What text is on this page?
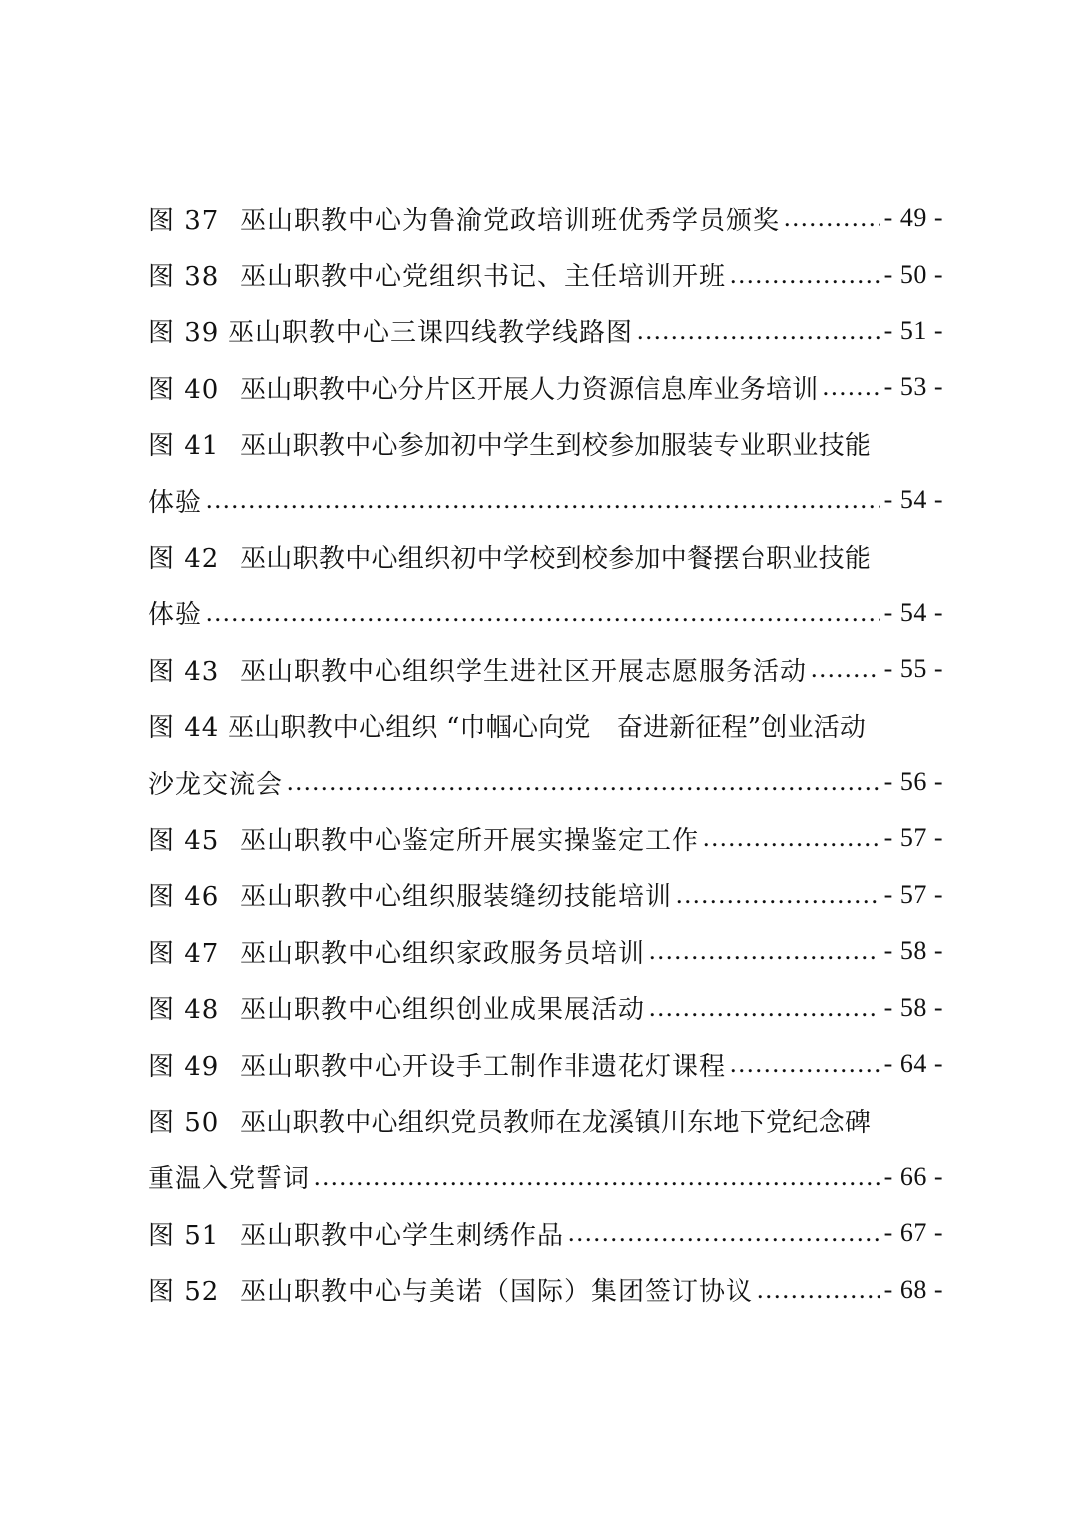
图 37 巫山职教中心为鲁渝党政培训班优秀学员颁奖 .....	- 49 -
图 38 巫山职教中心党组织书记、主任培训开班 .....	- 50 -
图 39 巫山职教中心三课四线教学线路图 .....	- 51 -
图 40 巫山职教中心分片区开展人力资源信息库业务培训 .....	- 53 -
图 41 巫山职教中心参加初中学生到校参加服装专业职业技能
体验 .....	- 54 -
图 42 巫山职教中心组织初中学校到校参加中餐摆台职业技能
体验 .....	- 54 -
图 43 巫山职教中心组织学生进社区开展志愿服务活动 .....	- 55 -
图 44 巫山职教中心组织 “巾帼心向党　奋进新征程”创业活动
沙龙交流会 .....	- 56 -
图 45 巫山职教中心鉴定所开展实操鉴定工作 .....	- 57 -
图 46 巫山职教中心组织服装缝纫技能培训 .....	- 57 -
图 47 巫山职教中心组织家政服务员培训 .....	- 58 -
图 48 巫山职教中心组织创业成果展活动 .....	- 58 -
图 49 巫山职教中心开设手工制作非遗花灯课程 .....	- 64 -
图 50 巫山职教中心组织党员教师在龙溪镇川东地下党纪念碑
重温入党誓词 .....	- 66 -
图 51 巫山职教中心学生刺绣作品 .....	- 67 -
图 52 巫山职教中心与美诺（国际）集团签订协议 .....	- 68 -
